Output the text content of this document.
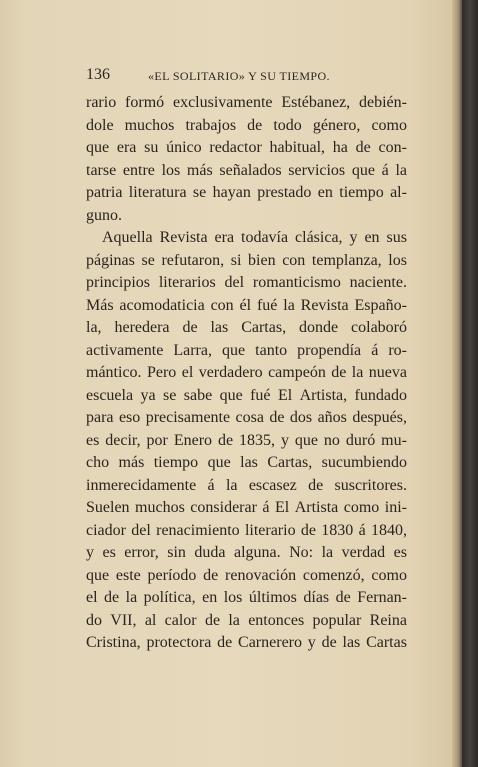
136	«EL SOLITARIO» Y SU TIEMPO.
rario formó exclusivamente Estébanez, debién-
dole muchos trabajos de todo género, como
que era su único redactor habitual, ha de con-
tarse entre los más señalados servicios que á la
patria literatura se hayan prestado en tiempo al-
guno.
Aquella Revista era todavía clásica, y en sus
páginas se refutaron, si bien con templanza, los
principios literarios del romanticismo naciente.
Más acomodaticia con él fué la Revista Españo-
la, heredera de las Cartas, donde colaboró
activamente Larra, que tanto propendía á ro-
mántico. Pero el verdadero campeón de la nueva
escuela ya se sabe que fué El Artista, fundado
para eso precisamente cosa de dos años después,
es decir, por Enero de 1835, y que no duró mu-
cho más tiempo que las Cartas, sucumbiendo
inmerecidamente á la escasez de suscritores.
Suelen muchos considerar á El Artista como ini-
ciador del renacimiento literario de 1830 á 1840,
y es error, sin duda alguna. No: la verdad es
que este período de renovación comenzó, como
el de la política, en los últimos días de Fernan-
do VII, al calor de la entonces popular Reina
Cristina, protectora de Carnerero y de las Cartas
